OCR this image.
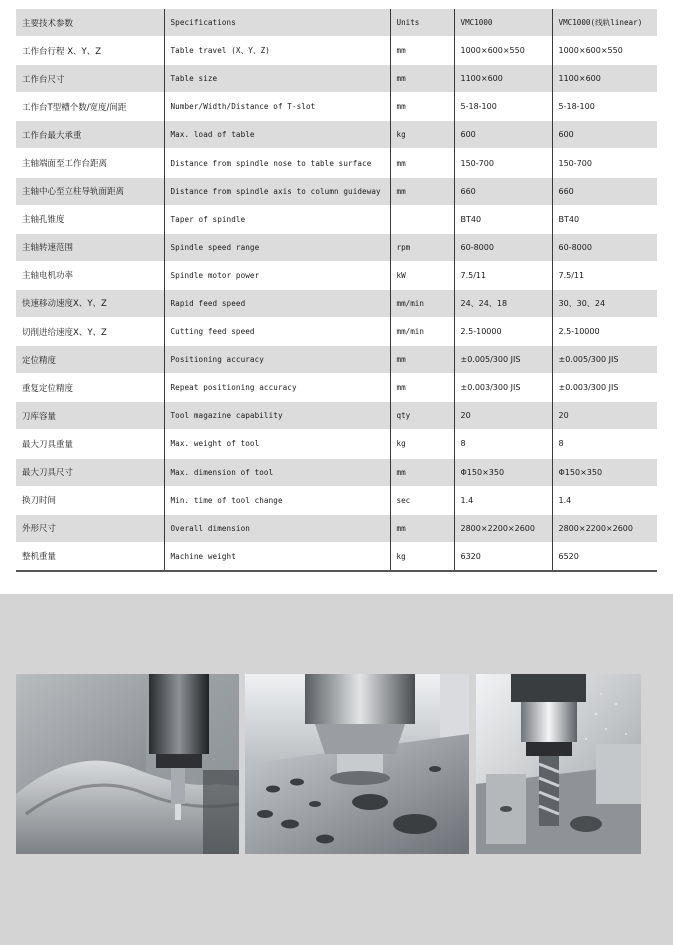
主要技术参数	Specifications	Units	VMC1000	VMC1000(线轨linear)
工作台行程 X、Y、Z	Table travel (X、Y、Z)	mm	1000×600×550	1000×600×550
工作台尺寸	Table size	mm	1100×600	1100×600
工作台T型槽个数/宽度/间距	Number/Width/Distance of T-slot	mm	5-18-100	5-18-100
工作台最大承重	Max. load of table	kg	600	600
主轴端面至工作台距离	Distance from spindle nose to table surface	mm	150-700	150-700
主轴中心至立柱导轨面距离	Distance from spindle axis to column guideway	mm	660	660
主轴孔锥度	Taper of spindle		BT40	BT40
主轴转速范围	Spindle speed range	rpm	60-8000	60-8000
主轴电机功率	Spindle motor power	kW	7.5/11	7.5/11
快速移动速度X、Y、Z	Rapid feed speed	mm/min	24、24、18	30、30、24
切削进给速度X、Y、Z	Cutting feed speed	mm/min	2.5-10000	2.5-10000
定位精度	Positioning accuracy	mm	±0.005/300 JIS	±0.005/300 JIS
重复定位精度	Repeat positioning accuracy	mm	±0.003/300 JIS	±0.003/300 JIS
刀库容量	Tool magazine capability	qty	20	20
最大刀具重量	Max. weight of tool	kg	8	8
最大刀具尺寸	Max. dimension of tool	mm	Φ150×350	Φ150×350
换刀时间	Min. time of tool change	sec	1.4	1.4
外形尺寸	Overall dimension	mm	2800×2200×2600	2800×2200×2600
整机重量	Machine weight	kg	6320	6520
